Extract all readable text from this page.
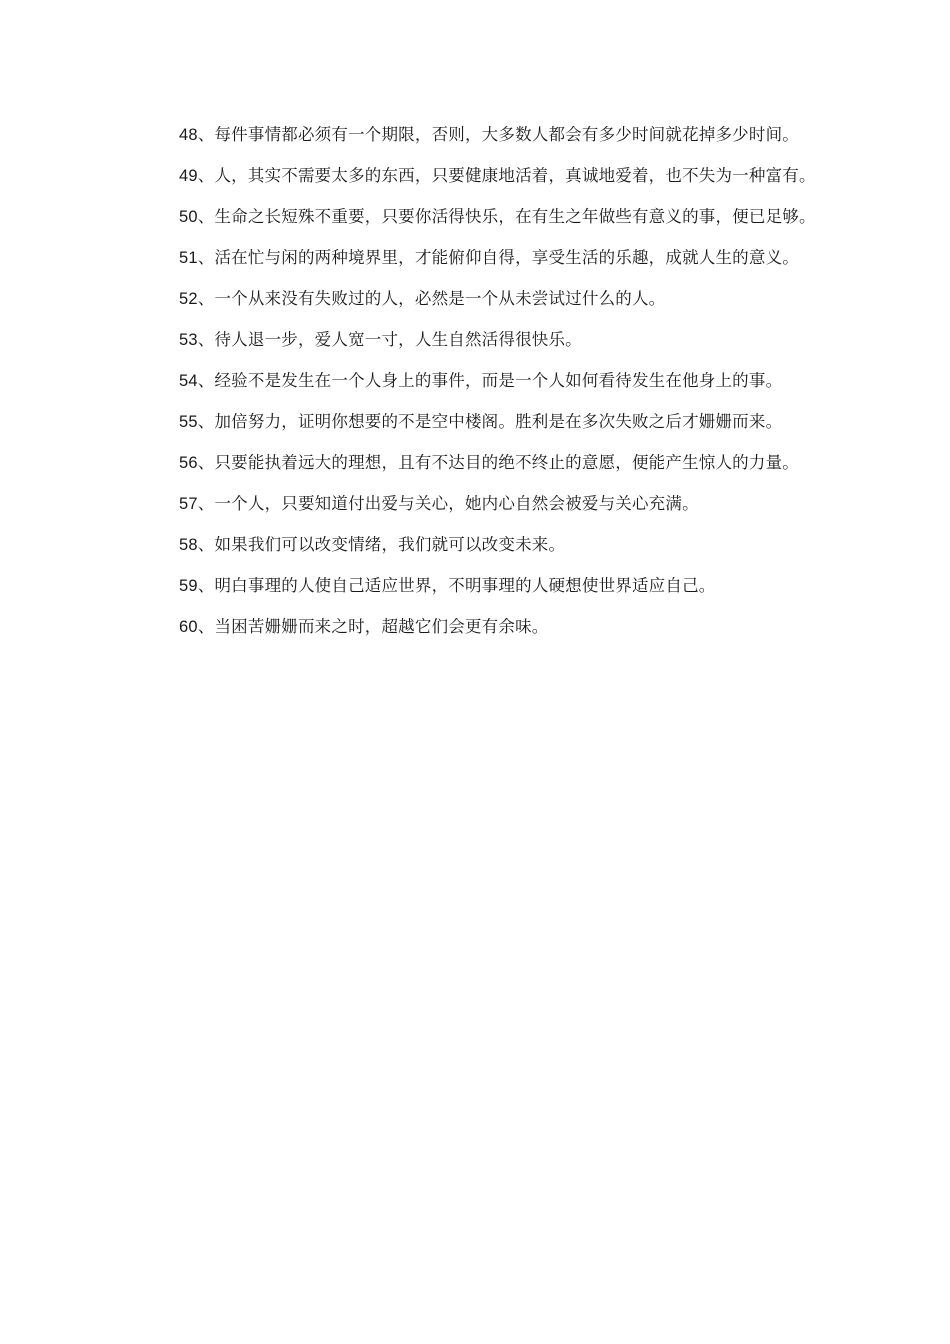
48、每件事情都必须有一个期限，否则，大多数人都会有多少时间就花掉多少时间。

49、人，其实不需要太多的东西，只要健康地活着，真诚地爱着，也不失为一种富有。

50、生命之长短殊不重要，只要你活得快乐，在有生之年做些有意义的事，便已足够。

51、活在忙与闲的两种境界里，才能俯仰自得，享受生活的乐趣，成就人生的意义。

52、一个从来没有失败过的人，必然是一个从未尝试过什么的人。

53、待人退一步，爱人宽一寸，人生自然活得很快乐。

54、经验不是发生在一个人身上的事件，而是一个人如何看待发生在他身上的事。

55、加倍努力，证明你想要的不是空中楼阁。胜利是在多次失败之后才姗姗而来。

56、只要能执着远大的理想，且有不达目的绝不终止的意愿，便能产生惊人的力量。

57、一个人，只要知道付出爱与关心，她内心自然会被爱与关心充满。

58、如果我们可以改变情绪，我们就可以改变未来。

59、明白事理的人使自己适应世界，不明事理的人硬想使世界适应自己。

60、当困苦姗姗而来之时，超越它们会更有余味。
